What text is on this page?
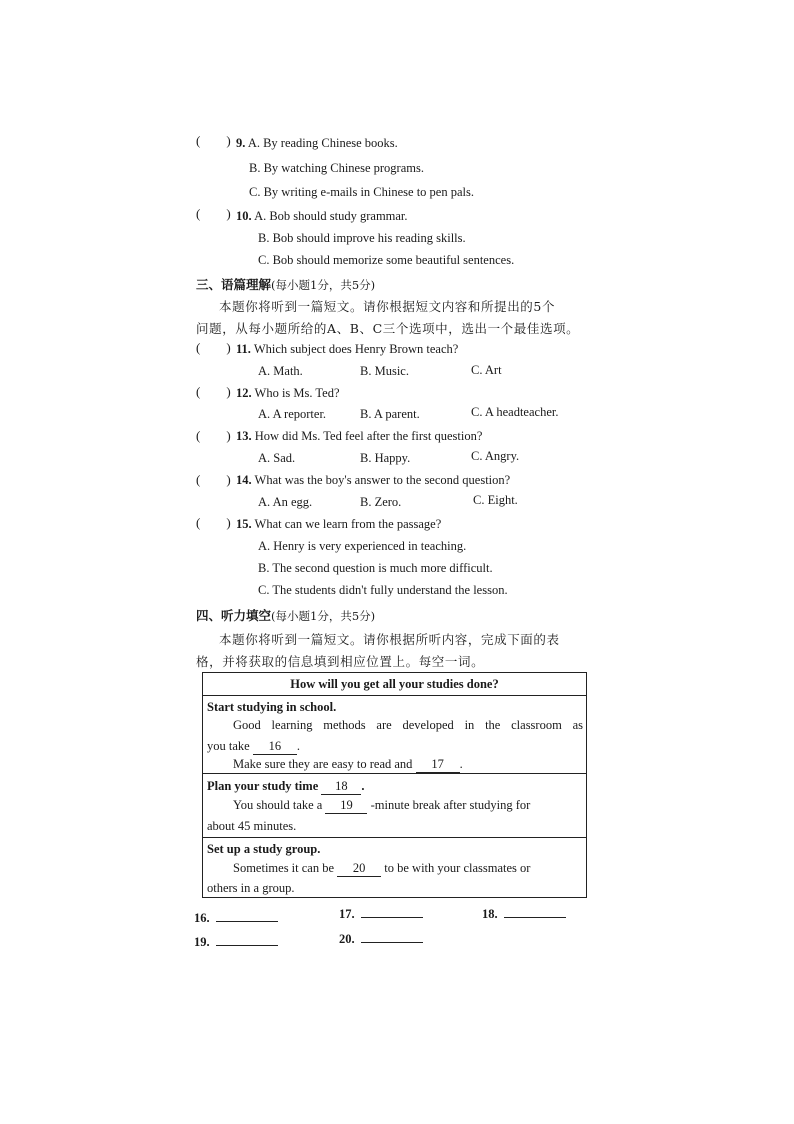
( ) 9. A. By reading Chinese books.
B. By watching Chinese programs.
C. By writing e-mails in Chinese to pen pals.
( ) 10. A. Bob should study grammar.
B. Bob should improve his reading skills.
C. Bob should memorize some beautiful sentences.
三、语篇理解(每小题1分，共5分)
本题你将听到一篇短文。请你根据短文内容和所提出的5个
问题，从每小题所给的A、B、C三个选项中，选出一个最佳选项。
( ) 11. Which subject does Henry Brown teach?
A. Math.	B. Music.	C. Art
( ) 12. Who is Ms. Ted?
A. A reporter.	B. A parent.	C. A headteacher.
( ) 13. How did Ms. Ted feel after the first question?
A. Sad.	B. Happy.	C. Angry.
( ) 14. What was the boy's answer to the second question?
A. An egg.	B. Zero.	C. Eight.
( ) 15. What can we learn from the passage?
A. Henry is very experienced in teaching.
B. The second question is much more difficult.
C. The students didn't fully understand the lesson.
四、听力填空(每小题1分，共5分)
本题你将听到一篇短文。请你根据所听内容，完成下面的表
格，并将获取的信息填到相应位置上。每空一词。
How will you get all your studies done?
Start studying in school.
Good learning methods are developed in the classroom as
you take 16 .
Make sure they are easy to read and 17 .
Plan your study time 18 .
You should take a 19 -minute break after studying for
about 45 minutes.
Set up a study group.
Sometimes it can be 20 to be with your classmates or
others in a group.
16.	17.	18.
19.	20.
